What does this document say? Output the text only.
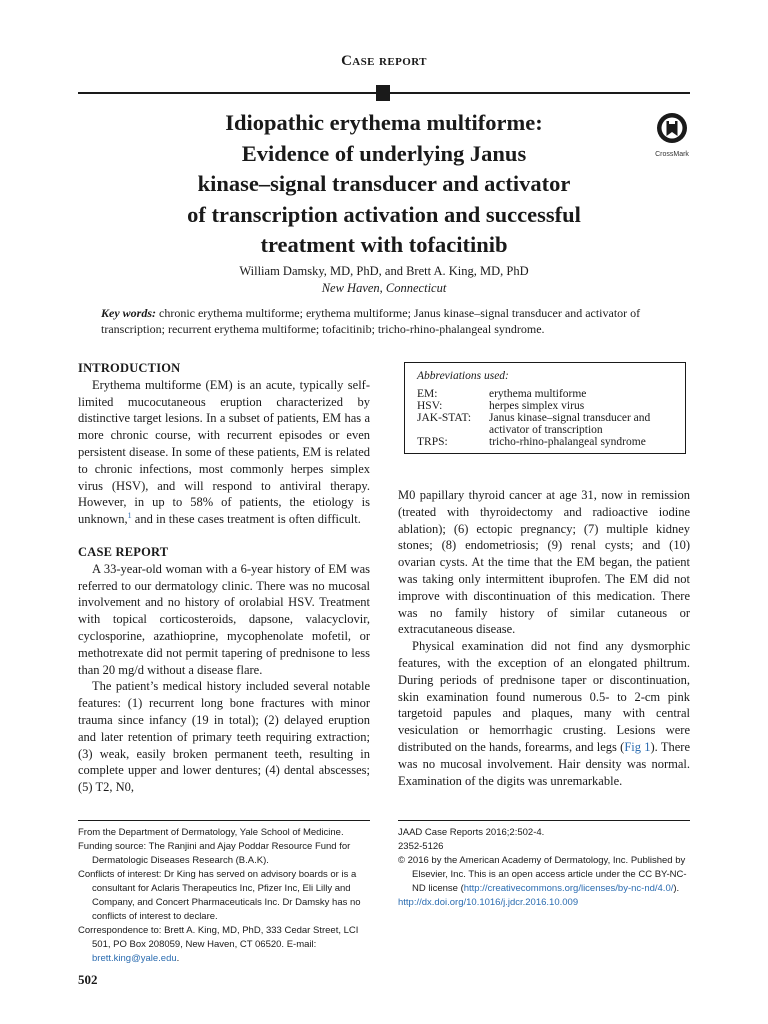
Case report
Idiopathic erythema multiforme:
Evidence of underlying Janus
kinase–signal transducer and activator
of transcription activation and successful
treatment with tofacitinib
CrossMark
William Damsky, MD, PhD, and Brett A. King, MD, PhD
New Haven, Connecticut
Key words: chronic erythema multiforme; erythema multiforme; Janus kinase–signal transducer and activator of transcription; recurrent erythema multiforme; tofacitinib; tricho-rhino-phalangeal syndrome.
INTRODUCTION

Erythema multiforme (EM) is an acute, typically self-limited mucocutaneous eruption characterized by distinctive target lesions. In a subset of patients, EM has a more chronic course, with recurrent episodes or even persistent disease. In some of these patients, EM is related to chronic infections, most commonly herpes simplex virus (HSV), and will respond to antiviral therapy. However, in up to 58% of patients, the etiology is unknown,$^1$ and in these cases treatment is often difficult.

CASE REPORT

A 33-year-old woman with a 6-year history of EM was referred to our dermatology clinic. There was no mucosal involvement and no history of orolabial HSV. Treatment with topical corticosteroids, dapsone, valacyclovir, cyclosporine, azathioprine, mycophenolate mofetil, or methotrexate did not permit tapering of prednisone to less than 20 mg/d without a disease flare.

The patient’s medical history included several notable features: (1) recurrent long bone fractures with minor trauma since infancy (19 in total); (2) delayed eruption and later retention of primary teeth requiring extraction; (3) weak, easily broken permanent teeth, resulting in complete upper and lower dentures; (4) dental abscesses; (5) T2, N0,

Abbreviations used:
EM:	erythema multiforme
HSV:	herpes simplex virus
JAK-STAT:	Janus kinase–signal transducer and activator of transcription
TRPS:	tricho-rhino-phalangeal syndrome

M0 papillary thyroid cancer at age 31, now in remission (treated with thyroidectomy and radioactive iodine ablation); (6) ectopic pregnancy; (7) multiple kidney stones; (8) endometriosis; (9) renal cysts; and (10) ovarian cysts. At the time that the EM began, the patient was taking only intermittent ibuprofen. The EM did not improve with discontinuation of this medication. There was no family history of similar cutaneous or extracutaneous disease.

Physical examination did not find any dysmorphic features, with the exception of an elongated philtrum. During periods of prednisone taper or discontinuation, skin examination found numerous 0.5- to 2-cm pink targetoid papules and plaques, many with central vesiculation or hemorrhagic crusting. Lesions were distributed on the hands, forearms, and legs (Fig 1). There was no mucosal involvement. Hair density was normal. Examination of the digits was unremarkable.

From the Department of Dermatology, Yale School of Medicine.
Funding source: The Ranjini and Ajay Poddar Resource Fund for Dermatologic Diseases Research (B.A.K).
Conflicts of interest: Dr King has served on advisory boards or is a consultant for Aclaris Therapeutics Inc, Pfizer Inc, Eli Lilly and Company, and Concert Pharmaceuticals Inc. Dr Damsky has no conflicts of interest to declare.
Correspondence to: Brett A. King, MD, PhD, 333 Cedar Street, LCI 501, PO Box 208059, New Haven, CT 06520. E-mail: brett.king@yale.edu.
JAAD Case Reports 2016;2:502-4.
2352-5126
© 2016 by the American Academy of Dermatology, Inc. Published by Elsevier, Inc. This is an open access article under the CC BY-NC-ND license (http://creativecommons.org/licenses/by-nc-nd/4.0/).
http://dx.doi.org/10.1016/j.jdcr.2016.10.009
502
